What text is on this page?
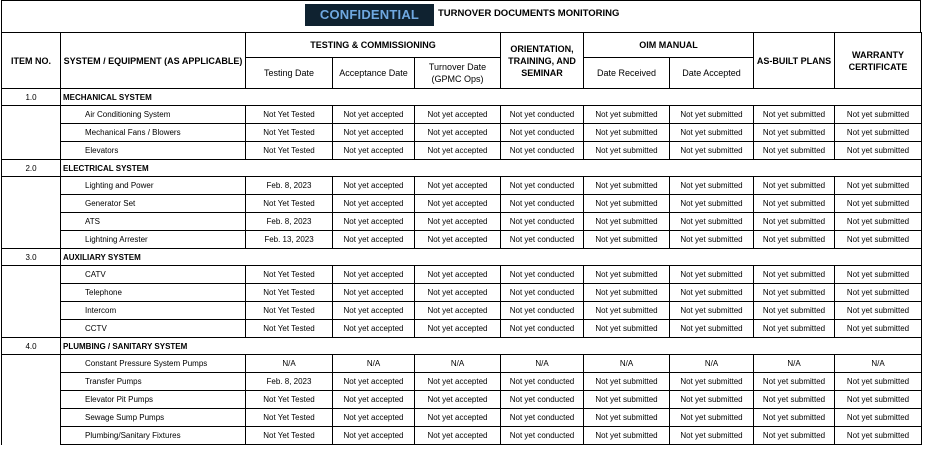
CONFIDENTIAL	TURNOVER DOCUMENTS MONITORING
ITEM NO.	SYSTEM / EQUIPMENT (AS APPLICABLE)	TESTING & COMMISSIONING			ORIENTATION, TRAINING, AND SEMINAR	OIM MANUAL		AS-BUILT PLANS	WARRANTY CERTIFICATE
		Testing Date	Acceptance Date	Turnover Date (GPMC Ops)		Date Received	Date Accepted		
1.0	MECHANICAL SYSTEM								
	Air Conditioning System	Not Yet Tested	Not yet accepted	Not yet accepted	Not yet conducted	Not yet submitted	Not yet submitted	Not yet submitted	Not yet submitted
	Mechanical Fans / Blowers	Not Yet Tested	Not yet accepted	Not yet accepted	Not yet conducted	Not yet submitted	Not yet submitted	Not yet submitted	Not yet submitted
	Elevators	Not Yet Tested	Not yet accepted	Not yet accepted	Not yet conducted	Not yet submitted	Not yet submitted	Not yet submitted	Not yet submitted
2.0	ELECTRICAL SYSTEM								
	Lighting and Power	Feb. 8, 2023	Not yet accepted	Not yet accepted	Not yet conducted	Not yet submitted	Not yet submitted	Not yet submitted	Not yet submitted
	Generator Set	Not Yet Tested	Not yet accepted	Not yet accepted	Not yet conducted	Not yet submitted	Not yet submitted	Not yet submitted	Not yet submitted
	ATS	Feb. 8, 2023	Not yet accepted	Not yet accepted	Not yet conducted	Not yet submitted	Not yet submitted	Not yet submitted	Not yet submitted
	Lightning Arrester	Feb. 13, 2023	Not yet accepted	Not yet accepted	Not yet conducted	Not yet submitted	Not yet submitted	Not yet submitted	Not yet submitted
3.0	AUXILIARY SYSTEM								
	CATV	Not Yet Tested	Not yet accepted	Not yet accepted	Not yet conducted	Not yet submitted	Not yet submitted	Not yet submitted	Not yet submitted
	Telephone	Not Yet Tested	Not yet accepted	Not yet accepted	Not yet conducted	Not yet submitted	Not yet submitted	Not yet submitted	Not yet submitted
	Intercom	Not Yet Tested	Not yet accepted	Not yet accepted	Not yet conducted	Not yet submitted	Not yet submitted	Not yet submitted	Not yet submitted
	CCTV	Not Yet Tested	Not yet accepted	Not yet accepted	Not yet conducted	Not yet submitted	Not yet submitted	Not yet submitted	Not yet submitted
4.0	PLUMBING / SANITARY SYSTEM								
	Constant Pressure System Pumps	N/A	N/A	N/A	N/A	N/A	N/A	N/A	N/A
	Transfer Pumps	Feb. 8, 2023	Not yet accepted	Not yet accepted	Not yet conducted	Not yet submitted	Not yet submitted	Not yet submitted	Not yet submitted
	Elevator Pit Pumps	Not Yet Tested	Not yet accepted	Not yet accepted	Not yet conducted	Not yet submitted	Not yet submitted	Not yet submitted	Not yet submitted
	Sewage Sump Pumps	Not Yet Tested	Not yet accepted	Not yet accepted	Not yet conducted	Not yet submitted	Not yet submitted	Not yet submitted	Not yet submitted
	Plumbing/Sanitary Fixtures	Not Yet Tested	Not yet accepted	Not yet accepted	Not yet conducted	Not yet submitted	Not yet submitted	Not yet submitted	Not yet submitted
